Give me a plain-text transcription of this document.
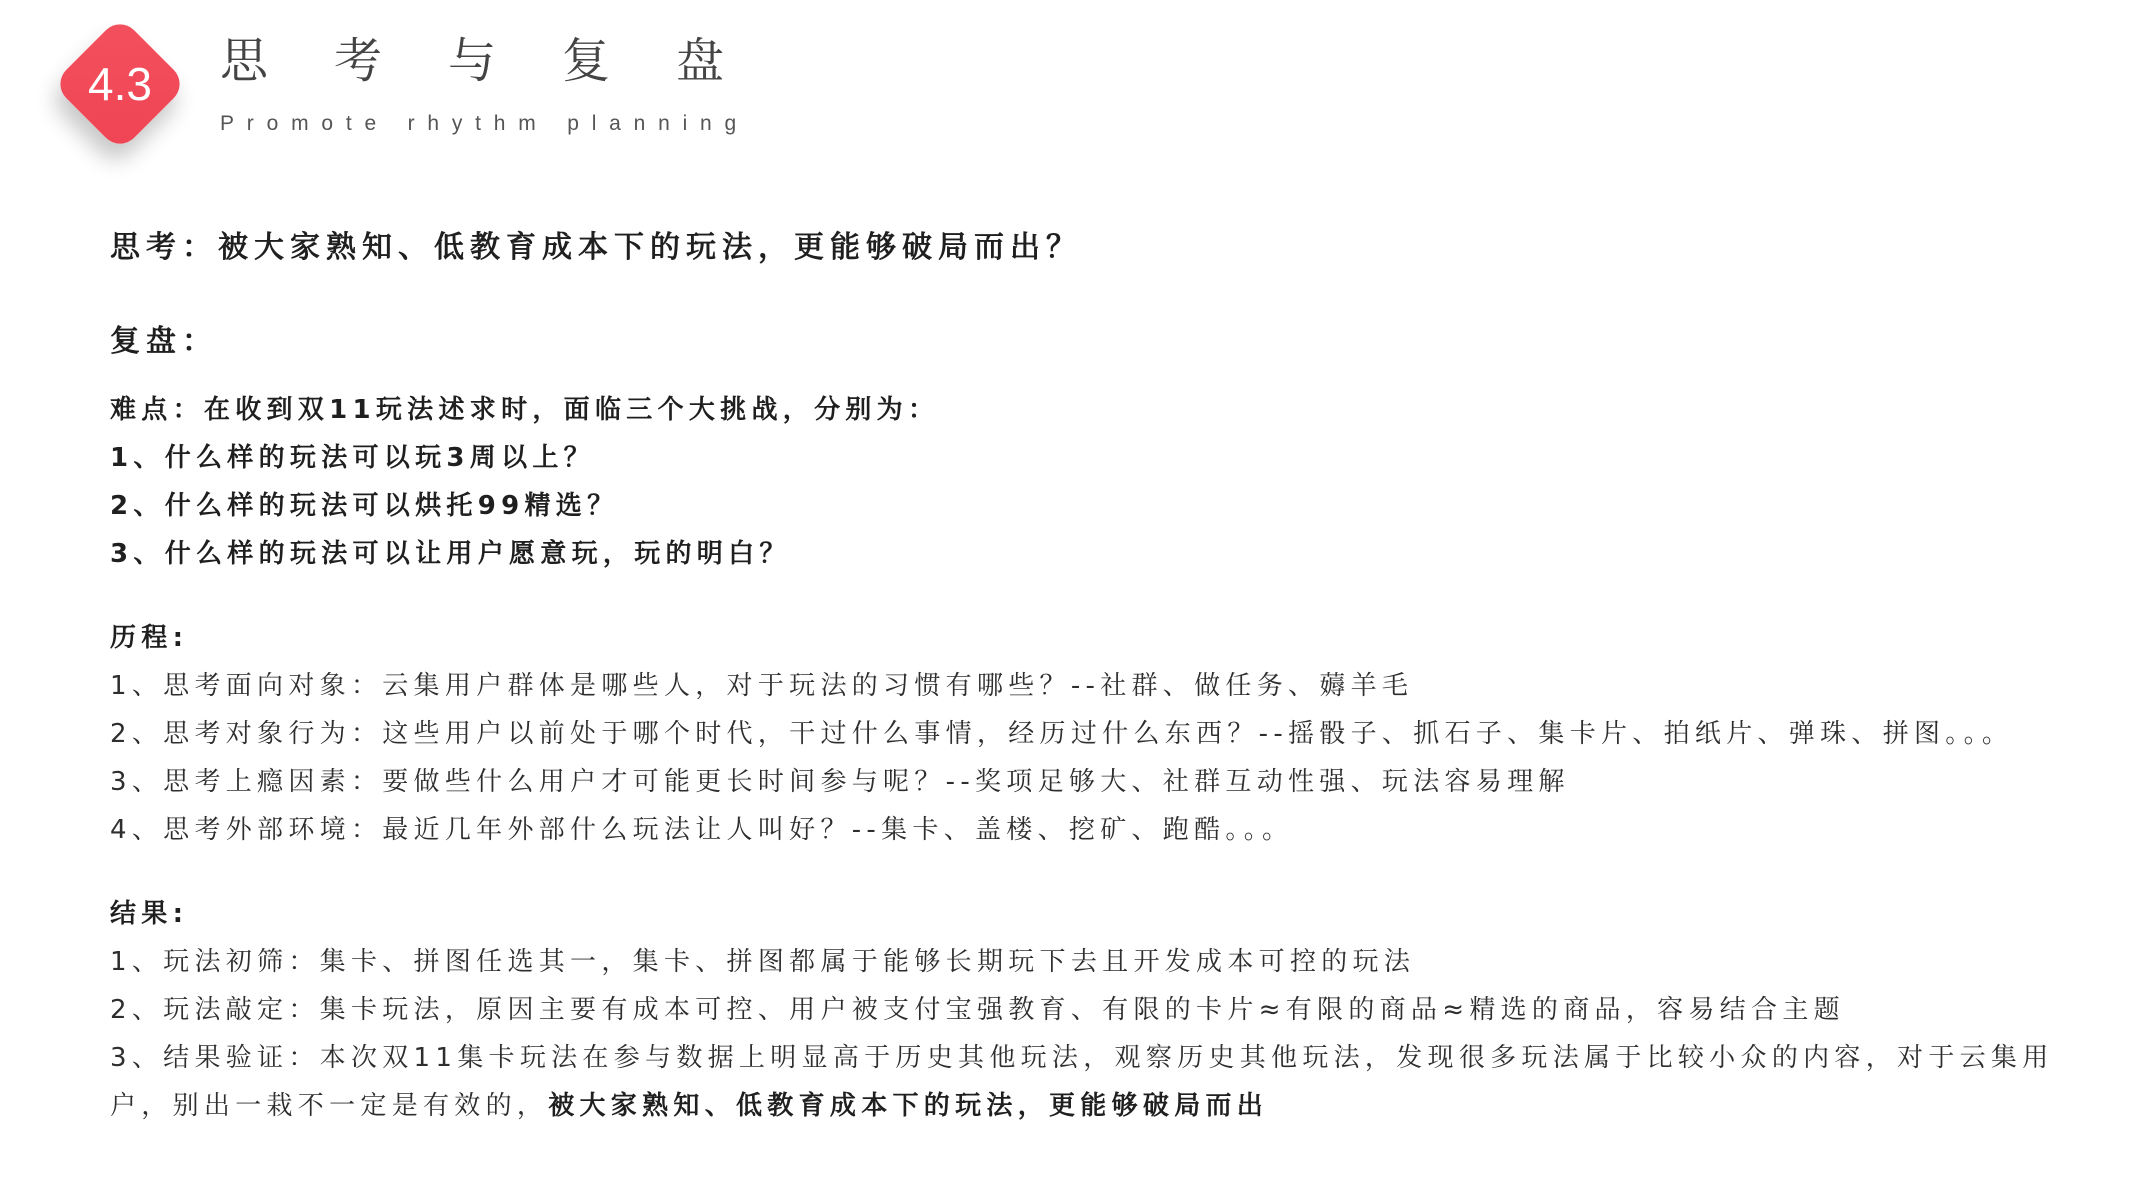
4.3	思考与复盘
Promote rhythm planning
思考：被大家熟知、低教育成本下的玩法，更能够破局而出？
复盘：
难点：在收到双11玩法述求时，面临三个大挑战，分别为：
1、什么样的玩法可以玩3周以上？
2、什么样的玩法可以烘托99精选？
3、什么样的玩法可以让用户愿意玩，玩的明白？
历程:
1、思考面向对象：云集用户群体是哪些人，对于玩法的习惯有哪些？--社群、做任务、薅羊毛
2、思考对象行为：这些用户以前处于哪个时代，干过什么事情，经历过什么东西？--摇骰子、抓石子、集卡片、拍纸片、弹珠、拼图。。。
3、思考上瘾因素：要做些什么用户才可能更长时间参与呢？--奖项足够大、社群互动性强、玩法容易理解
4、思考外部环境：最近几年外部什么玩法让人叫好？--集卡、盖楼、挖矿、跑酷。。。
结果:
1、玩法初筛：集卡、拼图任选其一，集卡、拼图都属于能够长期玩下去且开发成本可控的玩法
2、玩法敲定：集卡玩法，原因主要有成本可控、用户被支付宝强教育、有限的卡片≈有限的商品≈精选的商品，容易结合主题
3、结果验证：本次双11集卡玩法在参与数据上明显高于历史其他玩法，观察历史其他玩法，发现很多玩法属于比较小众的内容，对于云集用
户，别出一栽不一定是有效的，被大家熟知、低教育成本下的玩法，更能够破局而出
